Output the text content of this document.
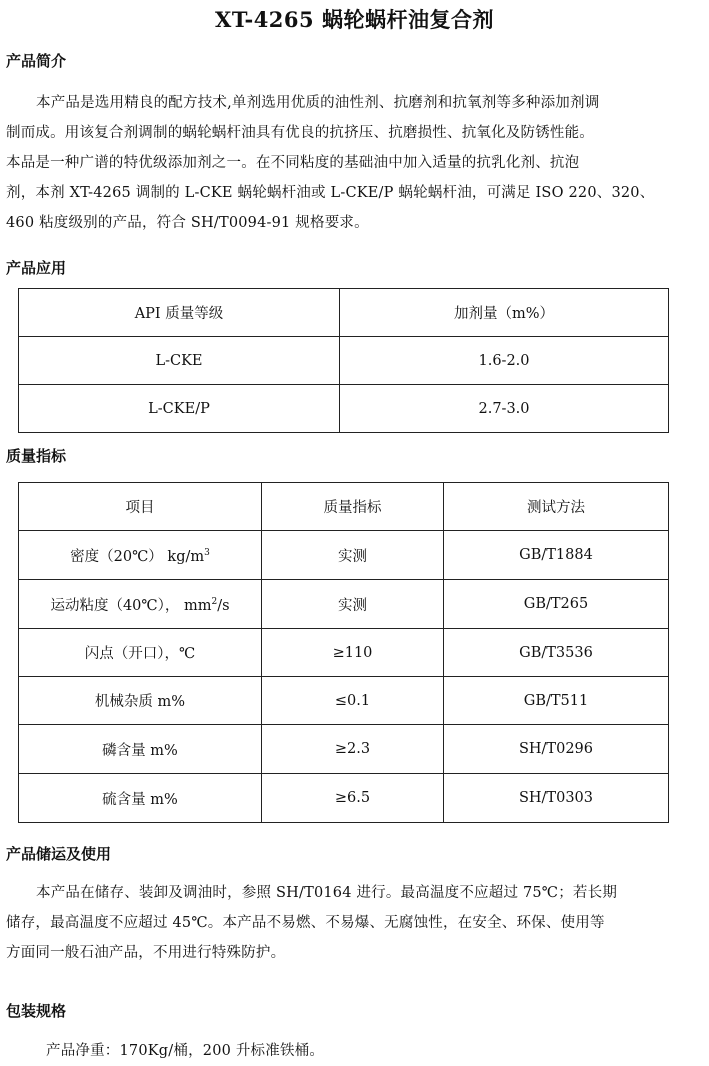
XT-4265 蜗轮蜗杆油复合剂
产品简介
本产品是选用精良的配方技术,单剂选用优质的油性剂、抗磨剂和抗氧剂等多种添加剂调
制而成。用该复合剂调制的蜗轮蜗杆油具有优良的抗挤压、抗磨损性、抗氧化及防锈性能。
本品是一种广谱的特优级添加剂之一。在不同粘度的基础油中加入适量的抗乳化剂、抗泡
剂，本剂 XT-4265 调制的 L-CKE 蜗轮蜗杆油或 L-CKE/P 蜗轮蜗杆油，可满足 ISO 220、320、
460 粘度级别的产品，符合 SH/T0094-91 规格要求。
产品应用
API 质量等级	加剂量（m%）
L-CKE	1.6-2.0
L-CKE/P	2.7-3.0
质量指标
项目	质量指标	测试方法
密度（20℃） $kg/m^3$	实测	GB/T1884
运动粘度（40℃）， $mm^2/s$	实测	GB/T265
闪点（开口），℃	≥110	GB/T3536
机械杂质 m%	≤0.1	GB/T511
磷含量 m%	≥2.3	SH/T0296
硫含量 m%	≥6.5	SH/T0303
产品储运及使用
本产品在储存、装卸及调油时，参照 SH/T0164 进行。最高温度不应超过 75℃；若长期
储存，最高温度不应超过 45℃。本产品不易燃、不易爆、无腐蚀性，在安全、环保、使用等
方面同一般石油产品，不用进行特殊防护。
包装规格
产品净重：170Kg/桶，200 升标准铁桶。
